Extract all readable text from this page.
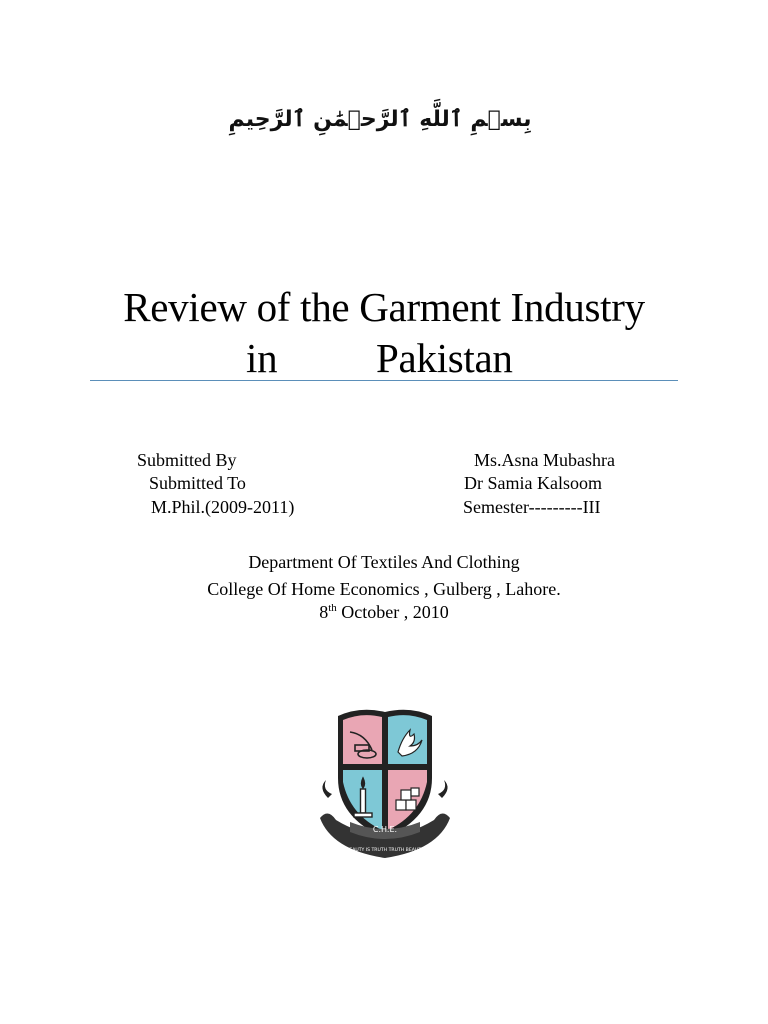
بِسۡمِ ٱللَّهِ ٱلرَّحۡمَٰنِ ٱلرَّحِيمِ
Review of the Garment Industry
in Pakistan
Submitted By	Ms.Asna Mubashra
Submitted To	Dr Samia Kalsoom
M.Phil.(2009-2011)	Semester---------III
Department Of Textiles And Clothing
College Of Home Economics , Gulberg , Lahore.
8th October , 2010
C.H.E.
BEAUTY IS TRUTH TRUTH BEAUTY
